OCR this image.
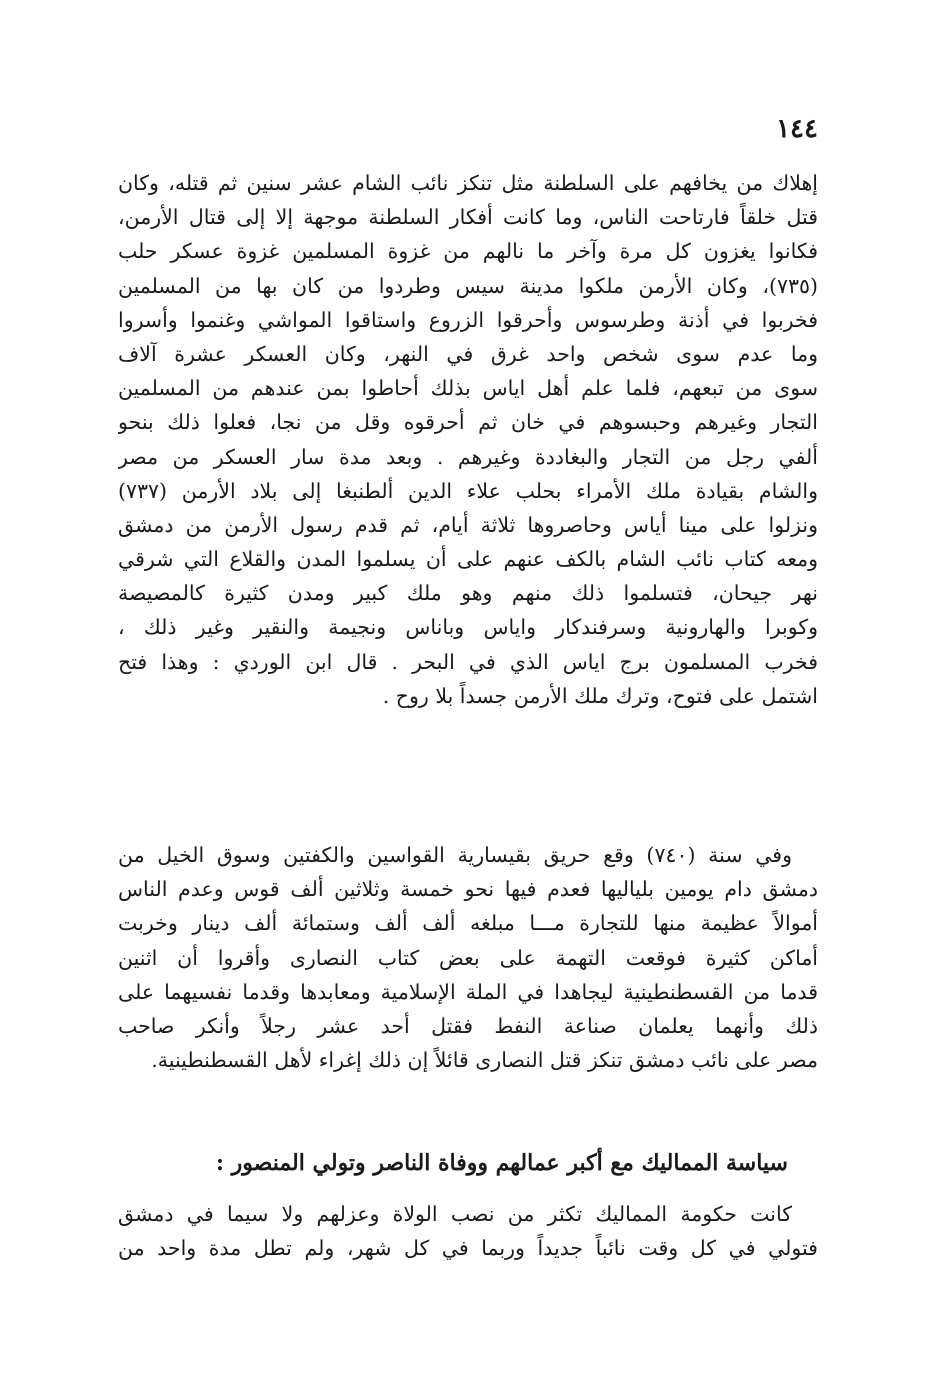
١٤٤
إهلاك من يخافهم على السلطنة مثل تنكز نائب الشام عشر سنين ثم قتله، وكان
قتل خلقاً فارتاحت الناس، وما كانت أفكار السلطنة موجهة إلا إلى قتال الأرمن،
فكانوا يغزون كل مرة وآخر ما نالهم من غزوة المسلمين غزوة عسكر حلب
(٧٣٥)، وكان الأرمن ملكوا مدينة سيس وطردوا من كان بها من المسلمين
فخربوا في أذنة وطرسوس وأحرقوا الزروع واستاقوا المواشي وغنموا وأسروا
وما عدم سوى شخص واحد غرق في النهر، وكان العسكر عشرة آلاف
سوى من تبعهم، فلما علم أهل اياس بذلك أحاطوا بمن عندهم من المسلمين
التجار وغيرهم وحبسوهم في خان ثم أحرقوه وقل من نجا، فعلوا ذلك بنحو
ألفي رجل من التجار والبغاددة وغيرهم . وبعد مدة سار العسكر من مصر
والشام بقيادة ملك الأمراء بحلب علاء الدين ألطنبغا إلى بلاد الأرمن (٧٣٧)
ونزلوا على مينا أياس وحاصروها ثلاثة أيام، ثم قدم رسول الأرمن من دمشق
ومعه كتاب نائب الشام بالكف عنهم على أن يسلموا المدن والقلاع التي شرقي
نهر جيحان، فتسلموا ذلك منهم وهو ملك كبير ومدن كثيرة كالمصيصة
وكوبرا والهارونية وسرفندكار واياس وباناس ونجيمة والنقير وغير ذلك ،
فخرب المسلمون برج اياس الذي في البحر . قال ابن الوردي : وهذا فتح
اشتمل على فتوح، وترك ملك الأرمن جسداً بلا روح .
وفي سنة (٧٤٠) وقع حريق بقيسارية القواسين والكفتين وسوق الخيل من
دمشق دام يومين بلياليها فعدم فيها نحو خمسة وثلاثين ألف قوس وعدم الناس
أموالاً عظيمة منها للتجارة مـــا مبلغه ألف ألف وستمائة ألف دينار وخربت
أماكن كثيرة فوقعت التهمة على بعض كتاب النصارى وأقروا أن اثنين
قدما من القسطنطينية ليجاهدا في الملة الإسلامية ومعابدها وقدما نفسيهما على
ذلك وأنهما يعلمان صناعة النفط فقتل أحد عشر رجلاً وأنكر صاحب
مصر على نائب دمشق تنكز قتل النصارى قائلاً إن ذلك إغراء لأهل القسطنطينية.
سياسة المماليك مع أكبر عمالهم ووفاة الناصر وتولي المنصور :
كانت حكومة المماليك تكثر من نصب الولاة وعزلهم ولا سيما في دمشق
فتولي في كل وقت نائباً جديداً وربما في كل شهر، ولم تطل مدة واحد من
